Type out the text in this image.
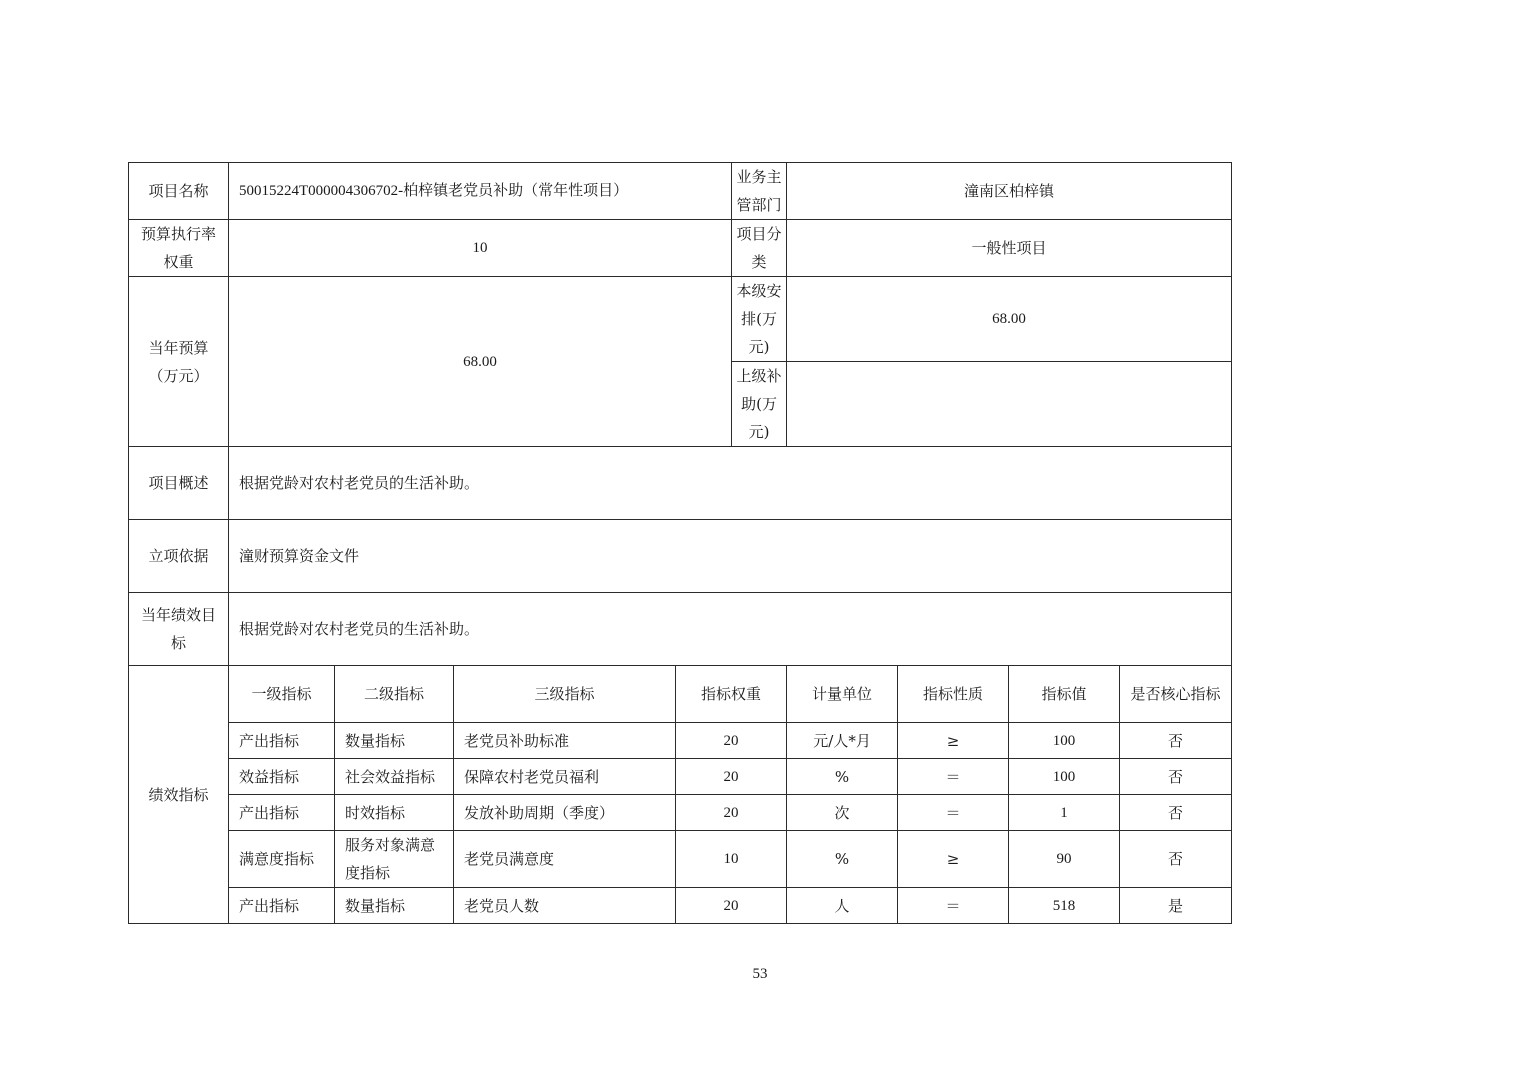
项目名称	50015224T000004306702-柏梓镇老党员补助（常年性项目）				业务主管部门	潼南区柏梓镇			
预算执行率权重	10				项目分类	一般性项目			
当年预算（万元）	68.00				本级安排(万元)	68.00			
					上级补助(万元)				
项目概述	根据党龄对农村老党员的生活补助。								
立项依据	潼财预算资金文件								
当年绩效目标	根据党龄对农村老党员的生活补助。								
绩效指标	一级指标	二级指标	三级指标	指标权重		计量单位	指标性质	指标值	是否核心指标
	产出指标	数量指标	老党员补助标准	20		元/人*月	≥	100	否
	效益指标	社会效益指标	保障农村老党员福利	20		%	＝	100	否
	产出指标	时效指标	发放补助周期（季度）	20		次	＝	1	否
	满意度指标	服务对象满意度指标	老党员满意度	10		%	≥	90	否
	产出指标	数量指标	老党员人数	20		人	＝	518	是
53
